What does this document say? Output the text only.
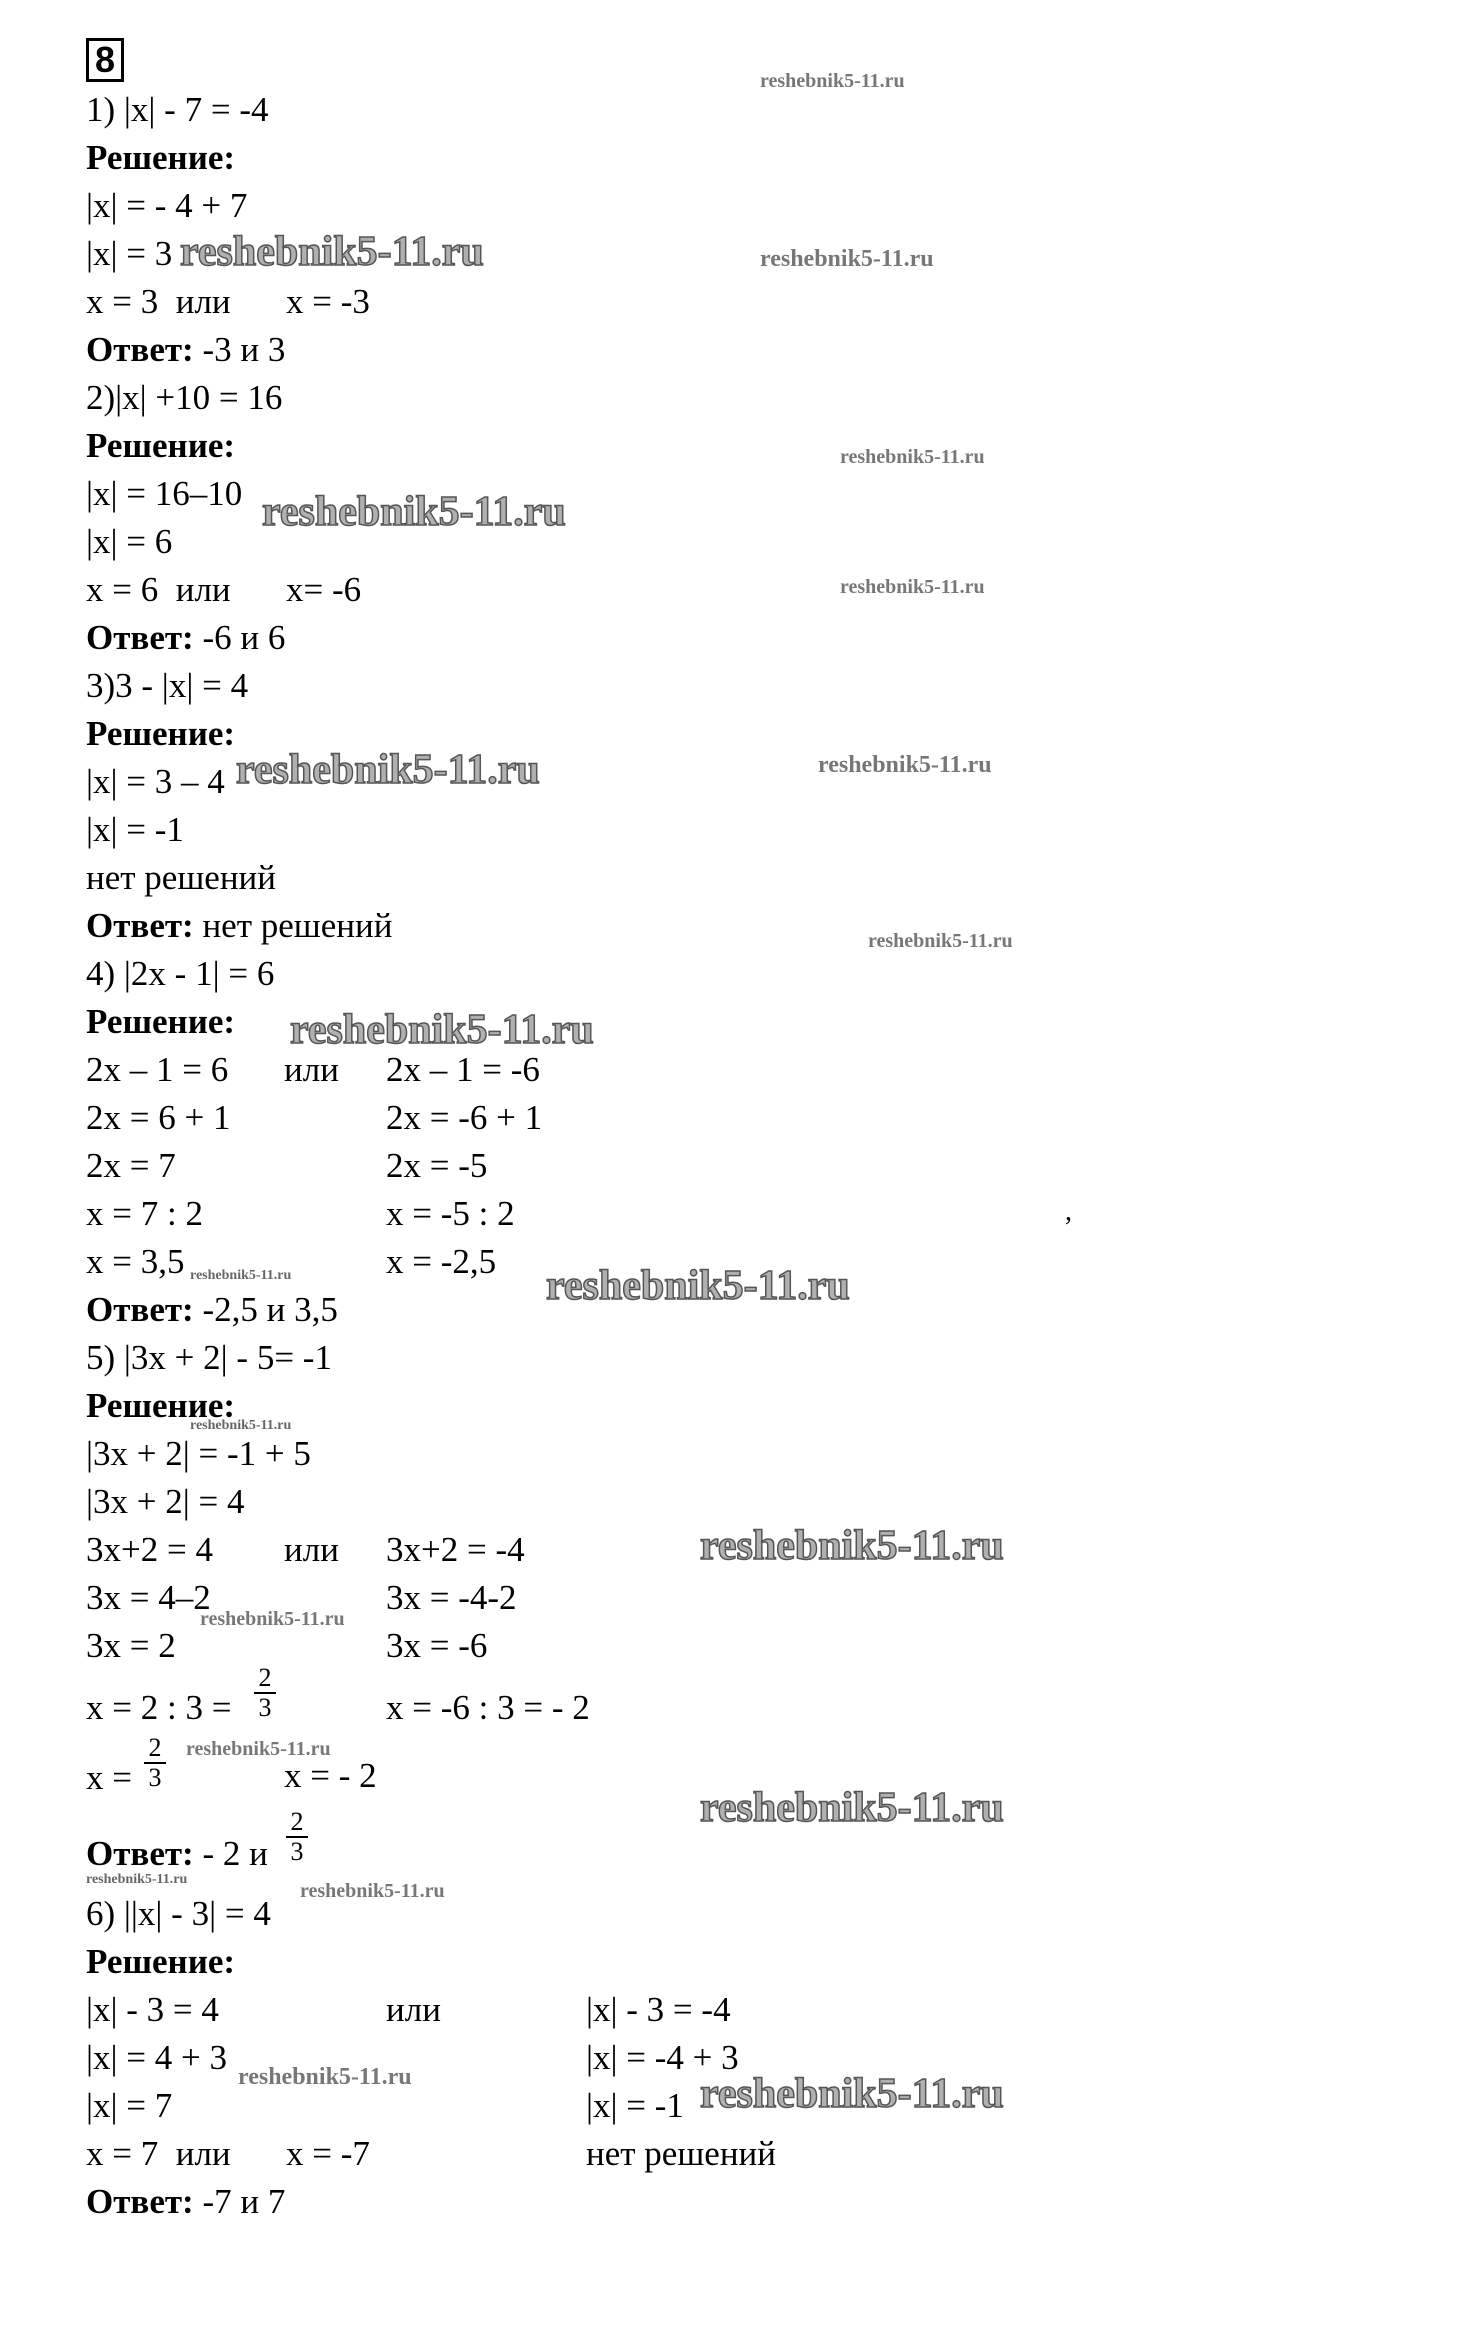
8
1) |x| - 7 = -4
Решение:
|x| = - 4 + 7
|x| = 3
x = 3  или x = -3
Ответ: -3 и 3
2)|x| +10 = 16
Решение:
|x| = 16–10
|x| = 6
x = 6  или x= -6
Ответ: -6 и 6
3)3 - |x| = 4
Решение:
|x| = 3 – 4
|x| = -1
нет решений
Ответ: нет решений
4) |2x - 1| = 6
Решение:
2x – 1 = 6 или 2x – 1 = -6
2x = 6 + 1	2x = -6 + 1
2x = 7	2x = -5
x = 7 : 2	x = -5 : 2
x = 3,5	x = -2,5
Ответ: -2,5 и 3,5
,
5) |3x + 2| - 5= -1
Решение:
|3x + 2| = -1 + 5
|3x + 2| = 4
3x+2 = 4 или 3x+2 = -4
3x = 4–2	3x = -4-2
3x = 2	3x = -6
x = 2 : $3 = \frac{2}{3}$	x = -6 : 3 = - 2
$x = \frac{2}{3}$	x = - 2
Ответ: - 2 и $\frac{2}{3}$
6) ||x| - 3| = 4
Решение:
|x| - 3 = 4	или	|x| - 3 = -4
|x| = 4 + 3	|x| = -4 + 3
|x| = 7	|x| = -1
x = 7  или x = -7	нет решений
Ответ: -7 и 7
reshebnik5-11.ru
reshebnik5-11.ru	reshebnik5-11.ru
reshebnik5-11.ru
reshebnik5-11.ru
reshebnik5-11.ru
reshebnik5-11.ru	reshebnik5-11.ru
reshebnik5-11.ru
reshebnik5-11.ru
reshebnik5-11.ru	reshebnik5-11.ru
reshebnik5-11.ru
reshebnik5-11.ru
reshebnik5-11.ru
reshebnik5-11.ru
reshebnik5-11.ru
reshebnik5-11.ru
reshebnik5-11.ru
reshebnik5-11.ru	reshebnik5-11.ru
